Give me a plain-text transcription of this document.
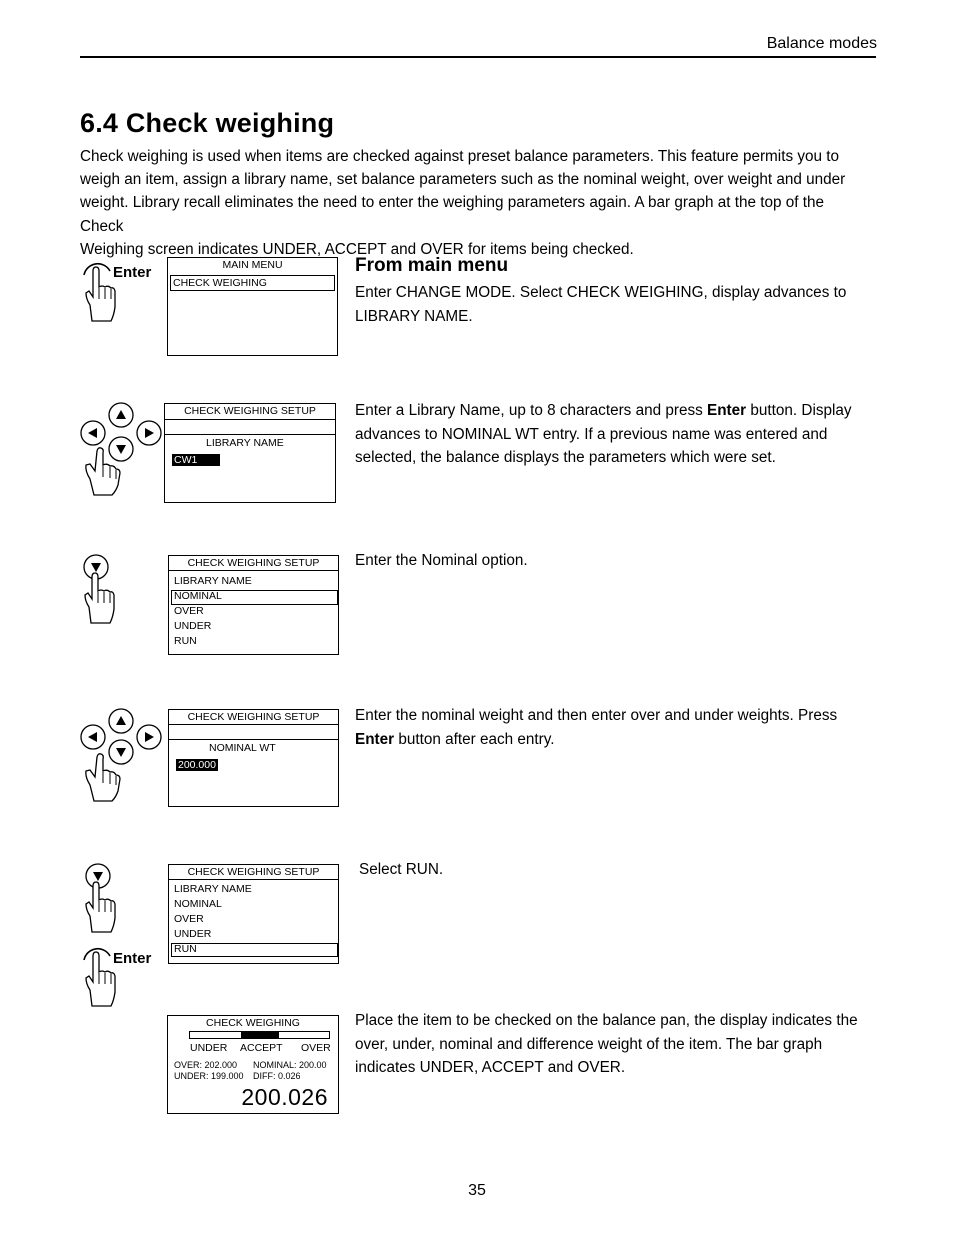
Balance modes
6.4 Check weighing

Check weighing is used when items are checked against preset balance parameters. This feature permits you to

weigh an item, assign a library name, set balance parameters such as the nominal weight, over weight and under

weight. Library recall eliminates the need to enter the weighing parameters again. A bar graph at the top of the

Check

Weighing screen indicates UNDER, ACCEPT and OVER for items being checked.

Enter	MAIN MENU
CHECK WEIGHING
From main menu

Enter CHANGE MODE. Select CHECK WEIGHING, display advances to

LIBRARY NAME.

CHECK WEIGHING SETUP
LIBRARY NAME
CW1

Enter a Library Name, up to 8 characters and press Enter button. Display

advances to NOMINAL WT entry. If a previous name was entered and

selected, the balance displays the parameters which were set.

CHECK WEIGHING SETUP
LIBRARY NAME
NOMINAL
OVER
UNDER
RUN
Enter the Nominal option.
CHECK WEIGHING SETUP
NOMINAL WT
200.000

Enter the nominal weight and then enter over and under weights. Press

Enter button after each entry.

Enter
CHECK WEIGHING SETUP
LIBRARY NAME
NOMINAL
OVER
UNDER
RUN
Select RUN.
CHECK WEIGHING
UNDER ACCEPT OVER
OVER: 202.000
UNDER: 199.000
NOMINAL: 200.00
DIFF: 0.026
200.026

Place the item to be checked on the balance pan, the display indicates the

over, under, nominal and difference weight of the item. The bar graph

indicates UNDER, ACCEPT and OVER.

35
